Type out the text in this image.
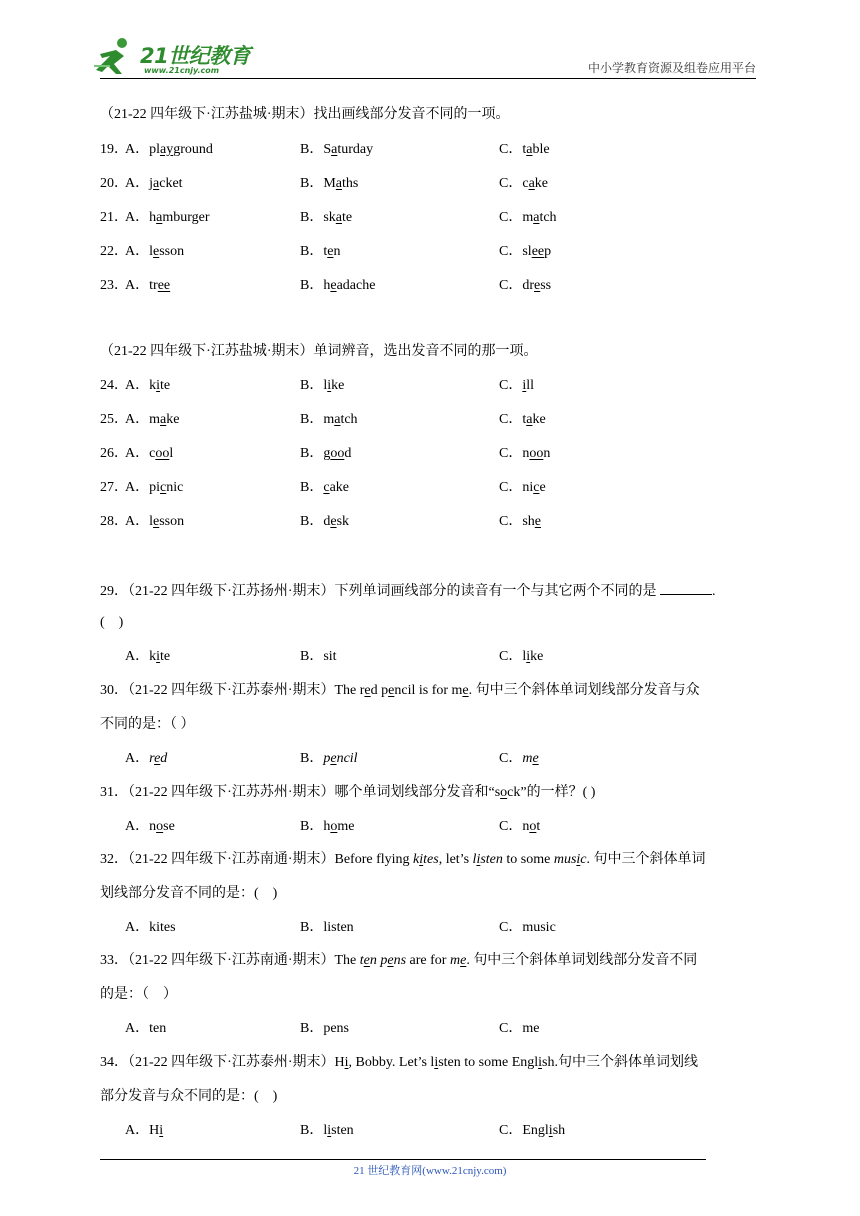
21世纪教育
www.21cnjy.com	中小学教育资源及组卷应用平台
（21-22 四年级下·江苏盐城·期末）找出画线部分发音不同的一项。
19．
A．playground	B．Saturday	C．table
20．
A．jacket	B．Maths	C．cake
21．
A．hamburger	B．skate	C．match
22．
A．lesson	B．ten	C．sleep
23．
A．tree	B．headache	C．dress
（21-22 四年级下·江苏盐城·期末）单词辨音，选出发音不同的那一项。
24．
A．kite	B．like	C．ill
25．
A．make	B．match	C．take
26．
A．cool	B．good	C．noon
27．
A．picnic	B．cake	C．nice
28．
A．lesson	B．desk	C．she
29．（21-22 四年级下·江苏扬州·期末）下列单词画线部分的读音有一个与其它两个不同的是	.
(　)
A．kite	B．sit	C．like
30．（21-22 四年级下·江苏泰州·期末）The red pencil is for me. 句中三个斜体单词划线部分发音与众
不同的是：（ ）
A．red	B．pencil	C．me
31．（21-22 四年级下·江苏苏州·期末）哪个单词划线部分发音和“sock”的一样？( )
A．nose	B．home	C．not
32．（21-22 四年级下·江苏南通·期末）Before flying kites, let’s listen to some music. 句中三个斜体单词
划线部分发音不同的是：(　)
A．kites	B．listen	C．music
33．（21-22 四年级下·江苏南通·期末）The ten pens are for me. 句中三个斜体单词划线部分发音不同
的是：（　）
A．ten	B．pens	C．me
34．（21-22 四年级下·江苏泰州·期末）Hi, Bobby. Let’s listen to some English.句中三个斜体单词划线
部分发音与众不同的是：(　)
A．Hi	B．listen	C．English
21 世纪教育网(www.21cnjy.com)
